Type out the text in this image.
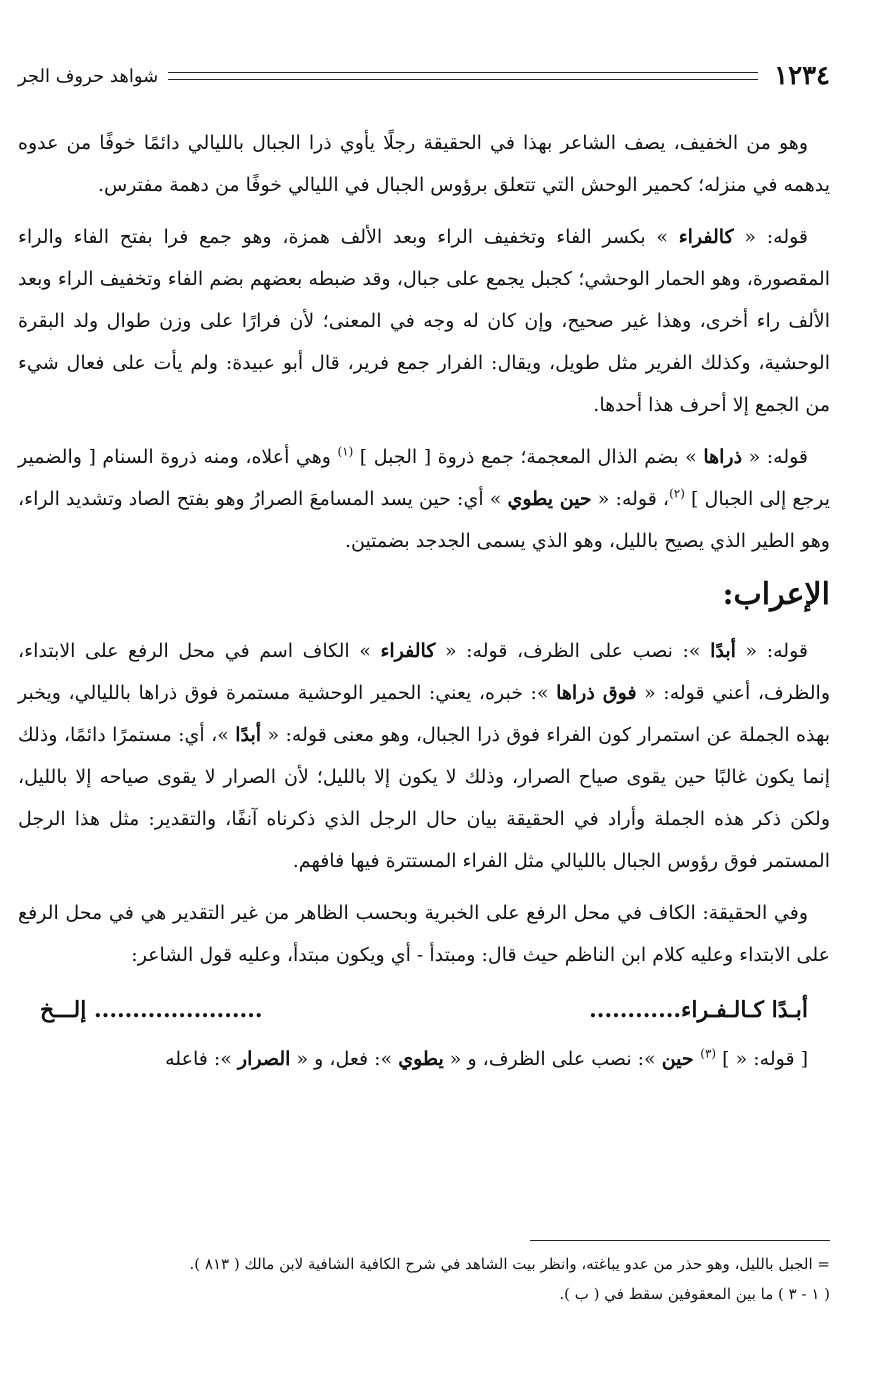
١٢٣٤
شواهد حروف الجر

وهو من الخفيف، يصف الشاعر بهذا في الحقيقة رجلًا يأوي ذرا الجبال بالليالي دائمًا خوفًا من عدوه يدهمه في منزله؛ كحمير الوحش التي تتعلق برؤوس الجبال في الليالي خوفًا من دهمة مفترس.

قوله: « كالفراء » بكسر الفاء وتخفيف الراء وبعد الألف همزة، وهو جمع فرا بفتح الفاء والراء المقصورة، وهو الحمار الوحشي؛ كجبل يجمع على جبال، وقد ضبطه بعضهم بضم الفاء وتخفيف الراء وبعد الألف راء أخرى، وهذا غير صحيح، وإن كان له وجه في المعنى؛ لأن فرارًا على وزن طوال ولد البقرة الوحشية، وكذلك الفرير مثل طويل، ويقال: الفرار جمع فرير، قال أبو عبيدة: ولم يأت على فعال شيء من الجمع إلا أحرف هذا أحدها.

قوله: « ذراها » بضم الذال المعجمة؛ جمع ذروة [ الجبل ] $^{(١)}$ وهي أعلاه، ومنه ذروة السنام [ والضمير يرجع إلى الجبال ] $^{(٢)}$، قوله: « حين يطوي » أي: حين يسد المسامعَ الصرارُ وهو بفتح الصاد وتشديد الراء، وهو الطير الذي يصيح بالليل، وهو الذي يسمى الجدجد بضمتين.

الإعراب:

قوله: « أبدًا »: نصب على الظرف، قوله: « كالفراء » الكاف اسم في محل الرفع على الابتداء، والظرف، أعني قوله: « فوق ذراها »: خبره، يعني: الحمير الوحشية مستمرة فوق ذراها بالليالي، ويخبر بهذه الجملة عن استمرار كون الفراء فوق ذرا الجبال، وهو معنى قوله: « أبدًا »، أي: مستمرًا دائمًا، وذلك إنما يكون غالبًا حين يقوى صياح الصرار، وذلك لا يكون إلا بالليل؛ لأن الصرار لا يقوى صياحه إلا بالليل، ولكن ذكر هذه الجملة وأراد في الحقيقة بيان حال الرجل الذي ذكرناه آنفًا، والتقدير: مثل هذا الرجل المستمر فوق رؤوس الجبال بالليالي مثل الفراء المستترة فيها فافهم.

وفي الحقيقة: الكاف في محل الرفع على الخبرية وبحسب الظاهر من غير التقدير هي في محل الرفع على الابتداء وعليه كلام ابن الناظم حيث قال: ومبتدأ - أي ويكون مبتدأ، وعليه قول الشاعر:

أبـدًا كـالـفـراء............
...................... إلـــخ

[ قوله: « ] $^{(٣)}$ حين »: نصب على الظرف، و « يطوي »: فعل، و « الصرار »: فاعله

= الجبل بالليل، وهو حذر من عدو يباغته، وانظر بيت الشاهد في شرح الكافية الشافية لابن مالك ( ٨١٣ ).

( ١ - ٣ ) ما بين المعقوفين سقط في ( ب ).
